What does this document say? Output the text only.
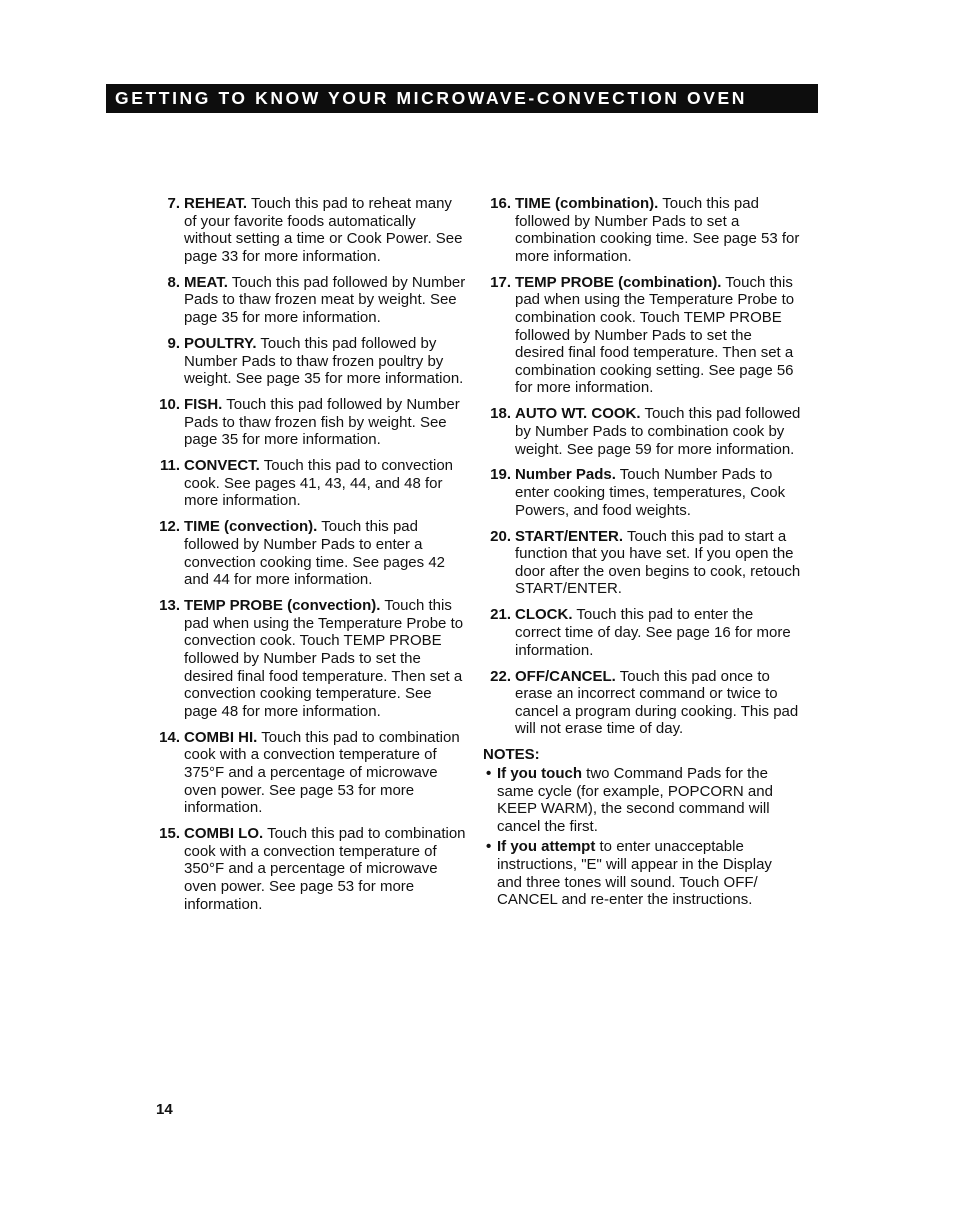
GETTING TO KNOW YOUR MICROWAVE-CONVECTION OVEN
7. REHEAT. Touch this pad to reheat many of your favorite foods automatically without setting a time or Cook Power. See page 33 for more information.
8. MEAT. Touch this pad followed by Number Pads to thaw frozen meat by weight. See page 35 for more information.
9. POULTRY. Touch this pad followed by Number Pads to thaw frozen poultry by weight. See page 35 for more information.
10. FISH. Touch this pad followed by Number Pads to thaw frozen fish by weight. See page 35 for more information.
11. CONVECT. Touch this pad to convection cook. See pages 41, 43, 44, and 48 for more information.
12. TIME (convection). Touch this pad followed by Number Pads to enter a convection cooking time. See pages 42 and 44 for more information.
13. TEMP PROBE (convection). Touch this pad when using the Temperature Probe to convection cook. Touch TEMP PROBE followed by Number Pads to set the desired final food temperature. Then set a convection cooking temperature. See page 48 for more information.
14. COMBI HI. Touch this pad to combination cook with a convection temperature of 375°F and a percentage of microwave oven power. See page 53 for more information.
15. COMBI LO. Touch this pad to combination cook with a convection temperature of 350°F and a percentage of microwave oven power. See page 53 for more information.
16. TIME (combination). Touch this pad followed by Number Pads to set a combination cooking time. See page 53 for more information.
17. TEMP PROBE (combination). Touch this pad when using the Temperature Probe to combination cook. Touch TEMP PROBE followed by Number Pads to set the desired final food temperature. Then set a combination cooking setting. See page 56 for more information.
18. AUTO WT. COOK. Touch this pad followed by Number Pads to combination cook by weight. See page 59 for more information.
19. Number Pads. Touch Number Pads to enter cooking times, temperatures, Cook Powers, and food weights.
20. START/ENTER. Touch this pad to start a function that you have set. If you open the door after the oven begins to cook, retouch START/ENTER.
21. CLOCK. Touch this pad to enter the correct time of day. See page 16 for more information.
22. OFF/CANCEL. Touch this pad once to erase an incorrect command or twice to cancel a program during cooking. This pad will not erase time of day.
NOTES:
• If you touch two Command Pads for the same cycle (for example, POPCORN and KEEP WARM), the second command will cancel the first.
• If you attempt to enter unacceptable instructions, "E" will appear in the Display and three tones will sound. Touch OFF/ CANCEL and re-enter the instructions.
14
